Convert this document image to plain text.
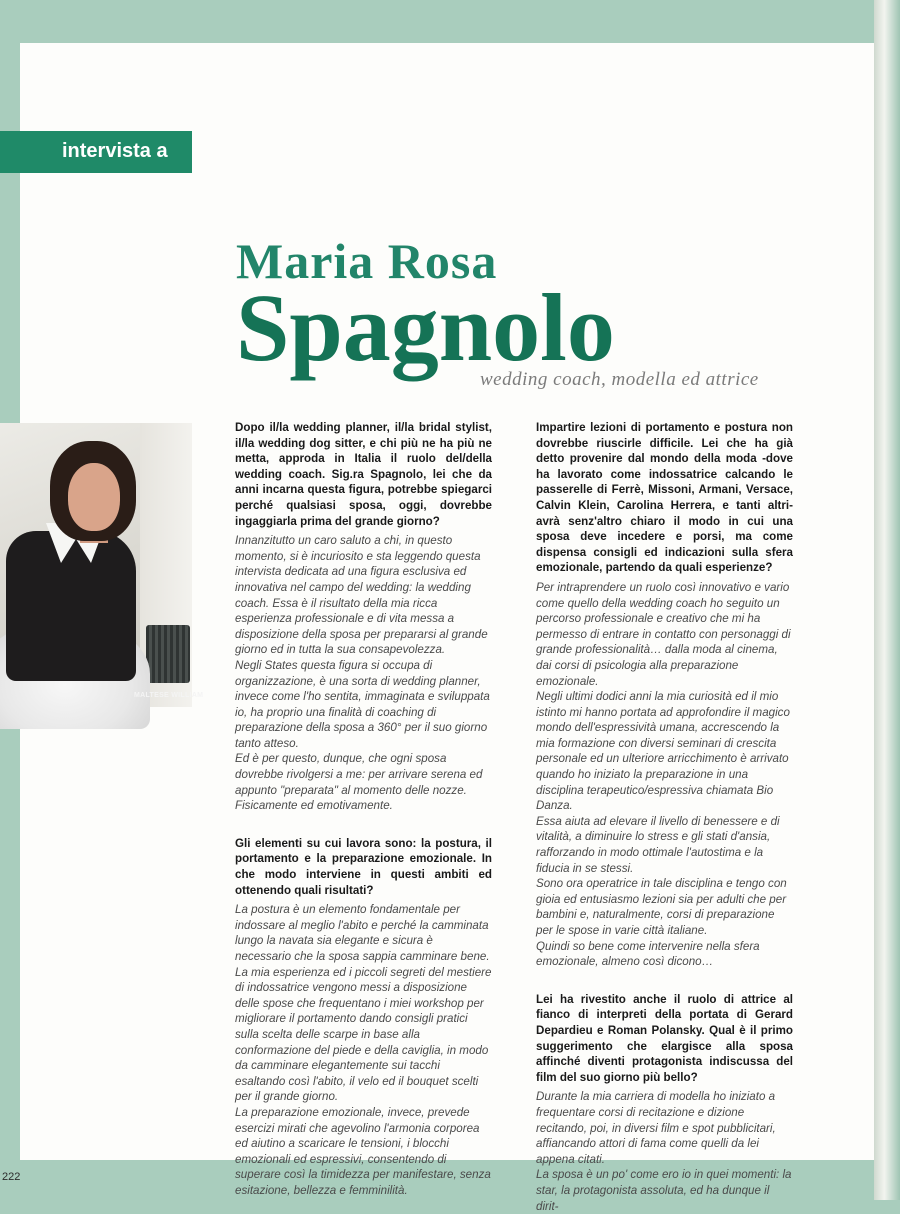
intervista a
Maria Rosa
Spagnolo

wedding coach, modella ed attrice

MALTESE WILLIAM

Dopo il/la wedding planner, il/la bridal stylist, il/la wedding dog sitter, e chi più ne ha più ne metta, approda in Italia il ruolo del/della wedding coach. Sig.ra Spagnolo, lei che da anni incarna questa figura, potrebbe spiegarci perché qualsiasi sposa, oggi, dovrebbe ingaggiarla prima del grande giorno?

Innanzitutto un caro saluto a chi, in questo momento, si è incuriosito e sta leggendo questa intervista dedicata ad una figura esclusiva ed innovativa nel campo del wedding: la wedding coach. Essa è il risultato della mia ricca esperienza professionale e di vita messa a disposizione della sposa per prepararsi al grande giorno ed in tutta la sua consapevolezza.

Negli States questa figura si occupa di organizzazione, è una sorta di wedding planner, invece come l'ho sentita, immaginata e sviluppata io, ha proprio una finalità di coaching di preparazione della sposa a 360° per il suo giorno tanto atteso.

Ed è per questo, dunque, che ogni sposa dovrebbe rivolgersi a me: per arrivare serena ed appunto "preparata" al momento delle nozze. Fisicamente ed emotivamente.

Gli elementi su cui lavora sono: la postura, il portamento e la preparazione emozionale. In che modo interviene in questi ambiti ed ottenendo quali risultati?

La postura è un elemento fondamentale per indossare al meglio l'abito e perché la camminata lungo la navata sia elegante e sicura è necessario che la sposa sappia camminare bene.

La mia esperienza ed i piccoli segreti del mestiere di indossatrice vengono messi a disposizione delle spose che frequentano i miei workshop per migliorare il portamento dando consigli pratici sulla scelta delle scarpe in base alla conformazione del piede e della caviglia, in modo da camminare elegantemente sui tacchi esaltando così l'abito, il velo ed il bouquet scelti per il grande giorno.

La preparazione emozionale, invece, prevede esercizi mirati che agevolino l'armonia corporea ed aiutino a scaricare le tensioni, i blocchi emozionali ed espressivi, consentendo di superare così la timidezza per manifestare, senza esitazione, bellezza e femminilità.

Impartire lezioni di portamento e postura non dovrebbe riuscirle difficile. Lei che ha già detto provenire dal mondo della moda -dove ha lavorato come indossatrice calcando le passerelle di Ferrè, Missoni, Armani, Versace, Calvin Klein, Carolina Herrera, e tanti altri- avrà senz'altro chiaro il modo in cui una sposa deve incedere e porsi, ma come dispensa consigli ed indicazioni sulla sfera emozionale, partendo da quali esperienze?

Per intraprendere un ruolo così innovativo e vario come quello della wedding coach ho seguito un percorso professionale e creativo che mi ha permesso di entrare in contatto con personaggi di grande professionalità… dalla moda al cinema, dai corsi di psicologia alla preparazione emozionale.

Negli ultimi dodici anni la mia curiosità ed il mio istinto mi hanno portata ad approfondire il magico mondo dell'espressività umana, accrescendo la mia formazione con diversi seminari di crescita personale ed un ulteriore arricchimento è arrivato quando ho iniziato la preparazione in una disciplina terapeutico/espressiva chiamata Bio Danza.

Essa aiuta ad elevare il livello di benessere e di vitalità, a diminuire lo stress e gli stati d'ansia, rafforzando in modo ottimale l'autostima e la fiducia in se stessi.

Sono ora operatrice in tale disciplina e tengo con gioia ed entusiasmo lezioni sia per adulti che per bambini e, naturalmente, corsi di preparazione per le spose in varie città italiane.

Quindi so bene come intervenire nella sfera emozionale, almeno così dicono…

Lei ha rivestito anche il ruolo di attrice al fianco di interpreti della portata di Gerard Depardieu e Roman Polansky. Qual è il primo suggerimento che elargisce alla sposa affinché diventi protagonista indiscussa del film del suo giorno più bello?

Durante la mia carriera di modella ho iniziato a frequentare corsi di recitazione e dizione recitando, poi, in diversi film e spot pubblicitari, affiancando attori di fama come quelli da lei appena citati.

La sposa è un po' come ero io in quei momenti: la star, la protagonista assoluta, ed ha dunque il dirit-

222
